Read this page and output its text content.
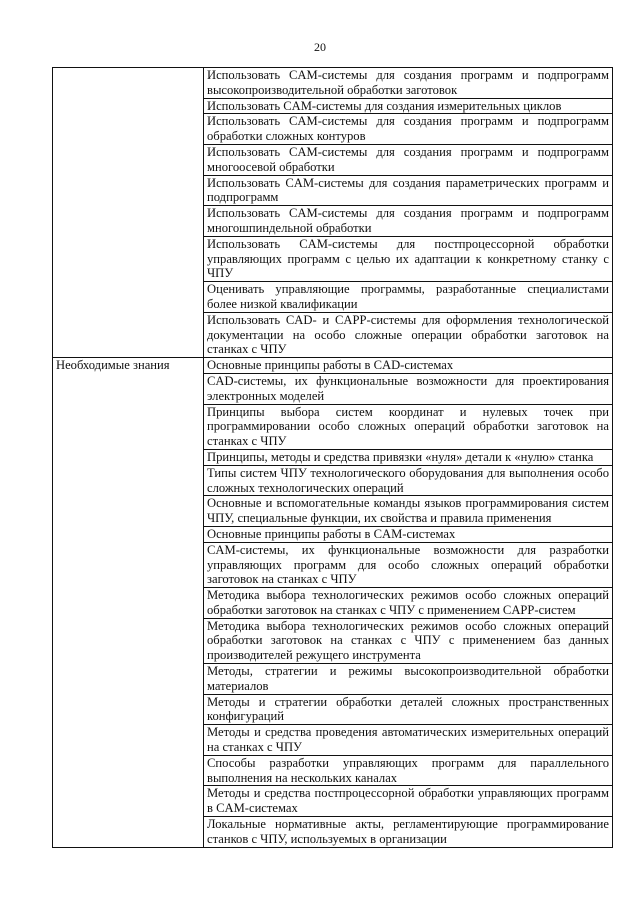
20
	Использовать CAM-системы для создания программ и подпрограмм высокопроизводительной обработки заготовок
	Использовать CAM-системы для создания измерительных циклов
	Использовать CAM-системы для создания программ и подпрограмм обработки сложных контуров
	Использовать CAM-системы для создания программ и подпрограмм многоосевой обработки
	Использовать CAM-системы для создания параметрических программ и подпрограмм
	Использовать CAM-системы для создания программ и подпрограмм многошпиндельной обработки
	Использовать CAM-системы для постпроцессорной обработки управляющих программ с целью их адаптации к конкретному станку с ЧПУ
	Оценивать управляющие программы, разработанные специалистами более низкой квалификации
	Использовать CAD- и CAPP-системы для оформления технологической документации на особо сложные операции обработки заготовок на станках с ЧПУ
Необходимые знания	Основные принципы работы в CAD-системах
	CAD-системы, их функциональные возможности для проектирования электронных моделей
	Принципы выбора систем координат и нулевых точек при программировании особо сложных операций обработки заготовок на станках с ЧПУ
	Принципы, методы и средства привязки «нуля» детали к «нулю» станка
	Типы систем ЧПУ технологического оборудования для выполнения особо сложных технологических операций
	Основные и вспомогательные команды языков программирования систем ЧПУ, специальные функции, их свойства и правила применения
	Основные принципы работы в CAM-системах
	CAM-системы, их функциональные возможности для разработки управляющих программ для особо сложных операций обработки заготовок на станках с ЧПУ
	Методика выбора технологических режимов особо сложных операций обработки заготовок на станках с ЧПУ с применением CAPP-систем
	Методика выбора технологических режимов особо сложных операций обработки заготовок на станках с ЧПУ с применением баз данных производителей режущего инструмента
	Методы, стратегии и режимы высокопроизводительной обработки материалов
	Методы и стратегии обработки деталей сложных пространственных конфигураций
	Методы и средства проведения автоматических измерительных операций на станках с ЧПУ
	Способы разработки управляющих программ для параллельного выполнения на нескольких каналах
	Методы и средства постпроцессорной обработки управляющих программ в CAM-системах
	Локальные нормативные акты, регламентирующие программирование станков с ЧПУ, используемых в организации
